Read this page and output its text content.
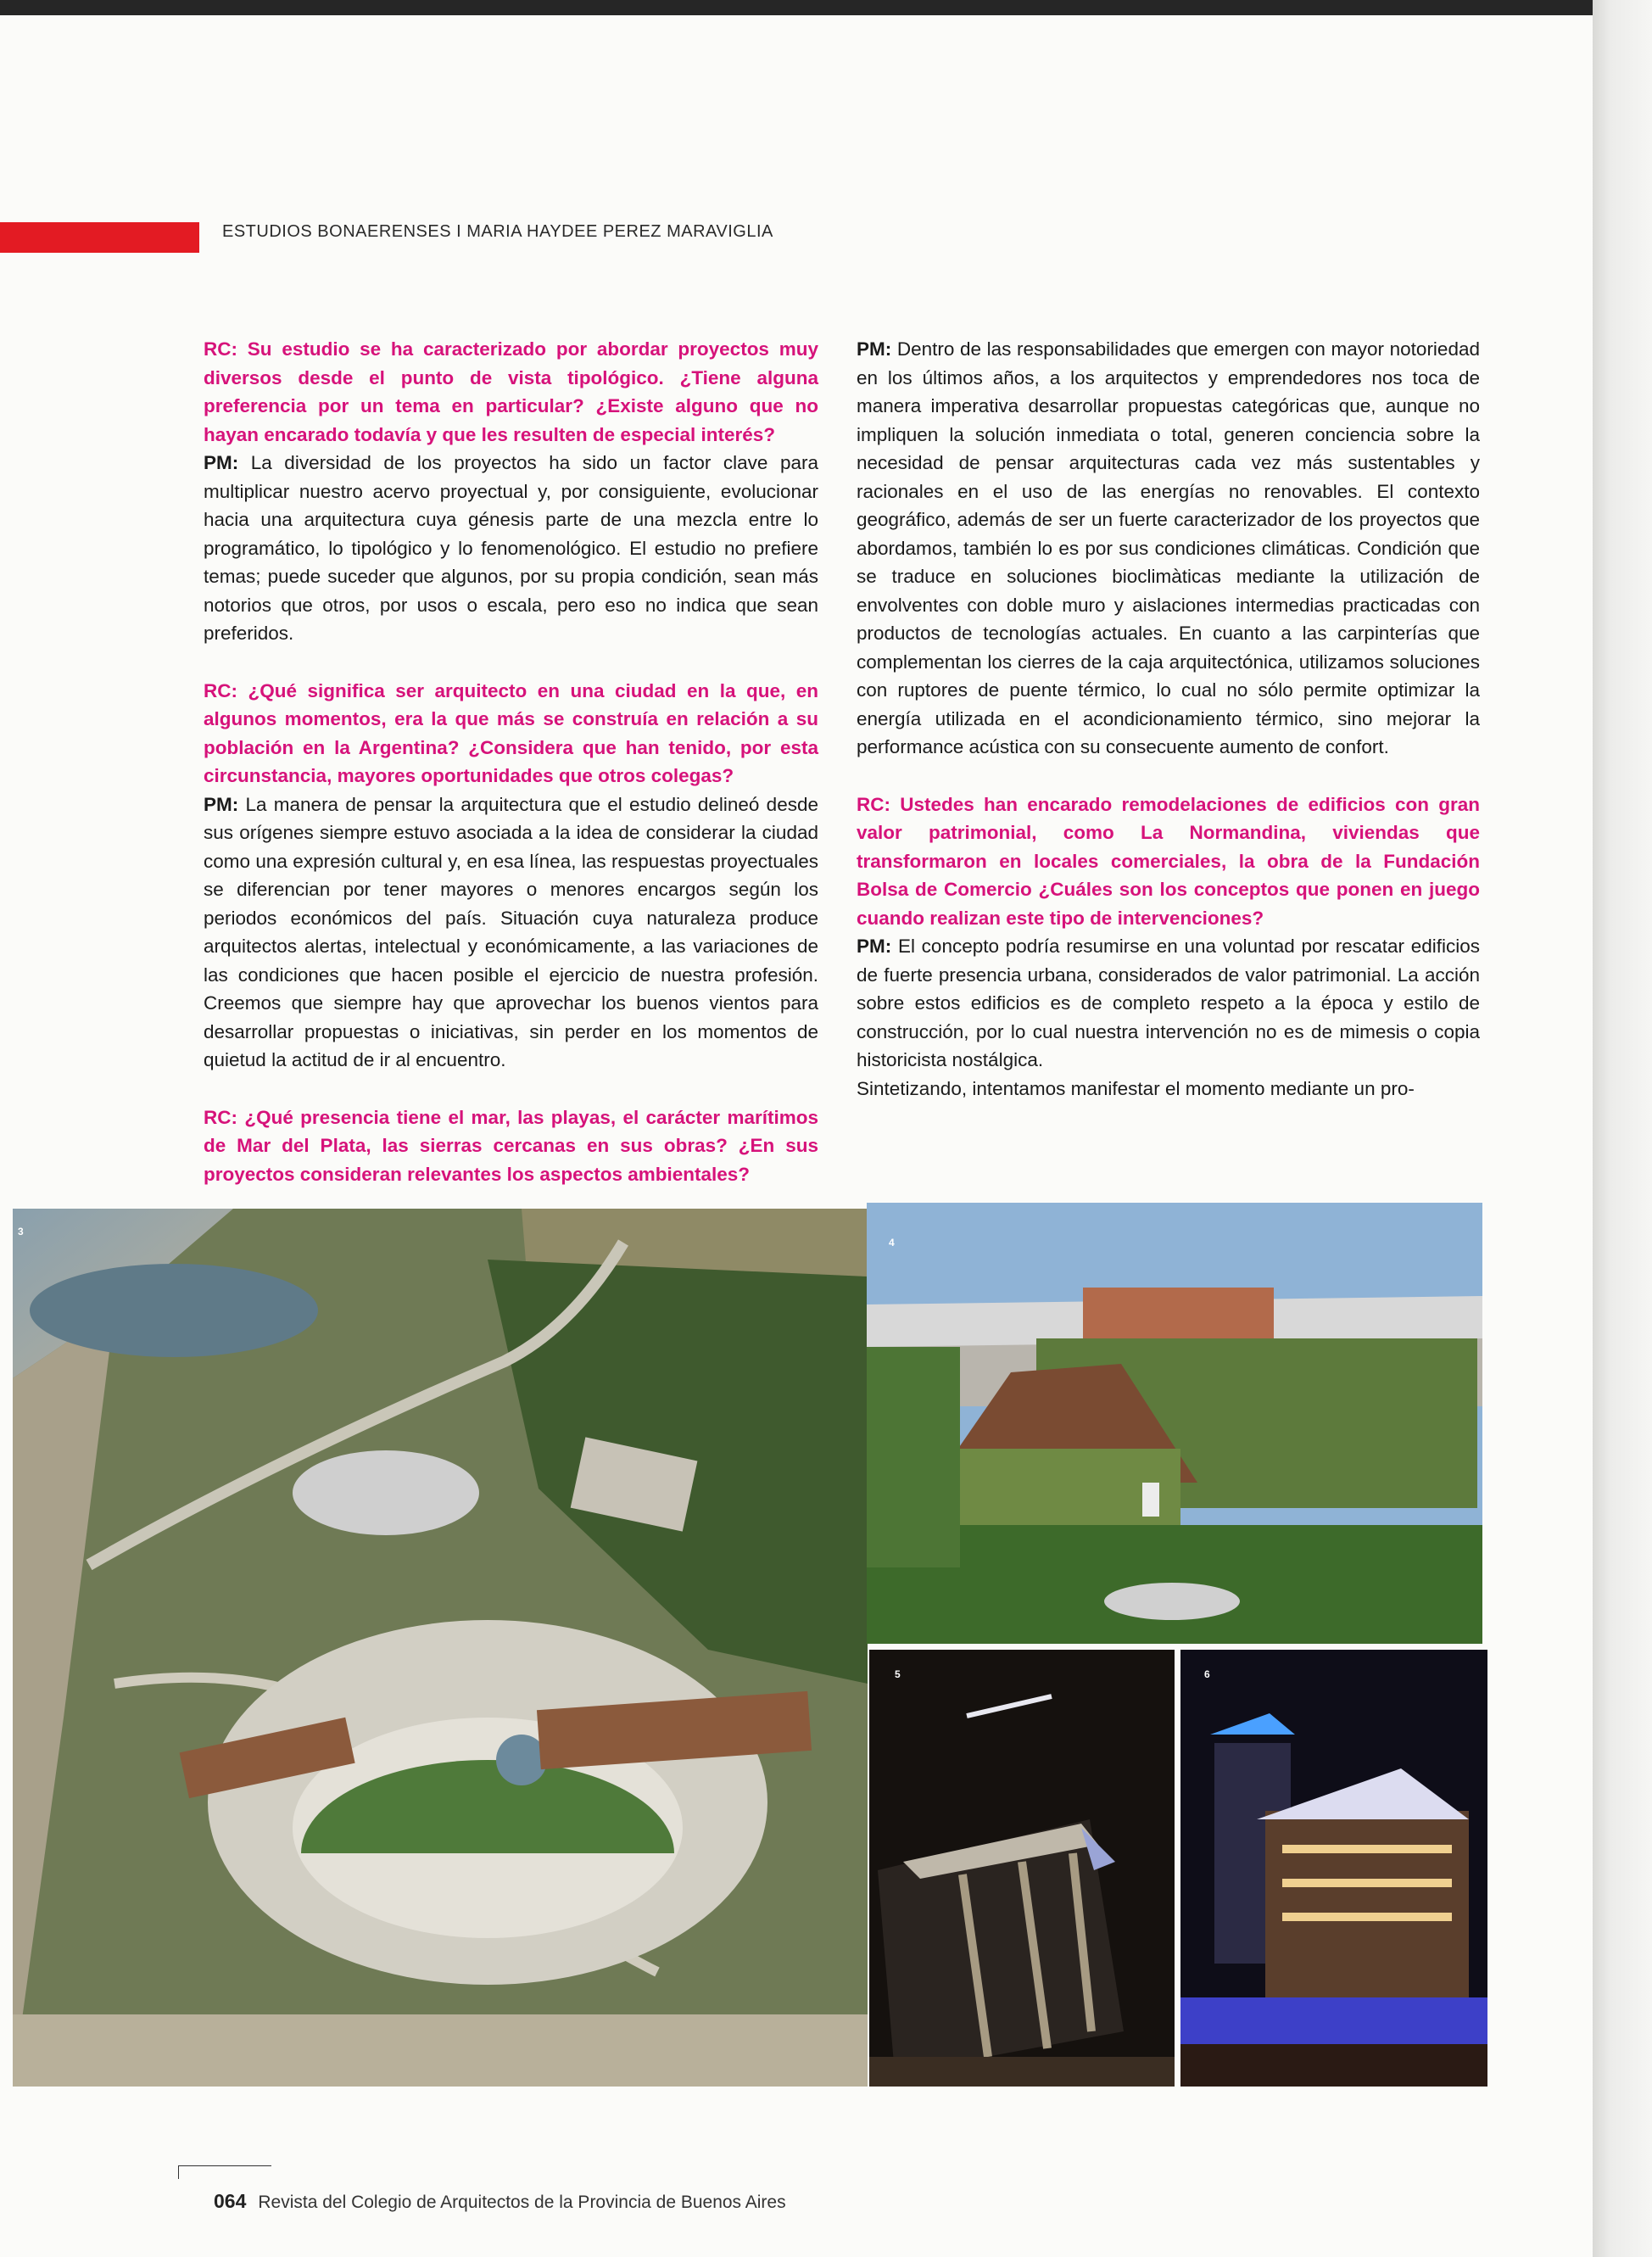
ESTUDIOS BONAERENSES I MARIA HAYDEE PEREZ MARAVIGLIA

RC: Su estudio se ha caracterizado por abordar proyectos muy diversos desde el punto de vista tipológico. ¿Tiene alguna preferencia por un tema en particular? ¿Existe alguno que no hayan encarado todavía y que les resulten de especial interés?

PM: La diversidad de los proyectos ha sido un factor clave para multiplicar nuestro acervo proyectual y, por consiguiente, evolucionar hacia una arquitectura cuya génesis parte de una mezcla entre lo programático, lo tipológico y lo fenomenológico. El estudio no prefiere temas; puede suceder que algunos, por su propia condición, sean más notorios que otros, por usos o escala, pero eso no indica que sean preferidos.

RC: ¿Qué significa ser arquitecto en una ciudad en la que, en algunos momentos, era la que más se construía en relación a su población en la Argentina? ¿Considera que han tenido, por esta circunstancia, mayores oportunidades que otros colegas?

PM: La manera de pensar la arquitectura que el estudio delineó desde sus orígenes siempre estuvo asociada a la idea de considerar la ciudad como una expresión cultural y, en esa línea, las respuestas proyectuales se diferencian por tener mayores o menores encargos según los periodos económicos del país. Situación cuya naturaleza produce arquitectos alertas, intelectual y económicamente, a las variaciones de las condiciones que hacen posible el ejercicio de nuestra profesión. Creemos que siempre hay que aprovechar los buenos vientos para desarrollar propuestas o iniciativas, sin perder en los momentos de quietud la actitud de ir al encuentro.

RC: ¿Qué presencia tiene el mar, las playas, el carácter marítimos de Mar del Plata, las sierras cercanas en sus obras? ¿En sus proyectos consideran relevantes los aspectos ambientales?

PM: Dentro de las responsabilidades que emergen con mayor notoriedad en los últimos años, a los arquitectos y emprendedores nos toca de manera imperativa desarrollar propuestas categóricas que, aunque no impliquen la solución inmediata o total, generen conciencia sobre la necesidad de pensar arquitecturas cada vez más sustentables y racionales en el uso de las energías no renovables. El contexto geográfico, además de ser un fuerte caracterizador de los proyectos que abordamos, también lo es por sus condiciones climáticas. Condición que se traduce en soluciones bioclimàticas mediante la utilización de envolventes con doble muro y aislaciones intermedias practicadas con productos de tecnologías actuales. En cuanto a las carpinterías que complementan los cierres de la caja arquitectónica, utilizamos soluciones con ruptores de puente térmico, lo cual no sólo permite optimizar la energía utilizada en el acondicionamiento térmico, sino mejorar la performance acústica con su consecuente aumento de confort.

RC: Ustedes han encarado remodelaciones de edificios con gran valor patrimonial, como La Normandina, viviendas que transformaron en locales comerciales, la obra de la Fundación Bolsa de Comercio ¿Cuáles son los conceptos que ponen en juego cuando realizan este tipo de intervenciones?

PM: El concepto podría resumirse en una voluntad por rescatar edificios de fuerte presencia urbana, considerados de valor patrimonial. La acción sobre estos edificios es de completo respeto a la época y estilo de construcción, por lo cual nuestra intervención no es de mimesis o copia historicista nostálgica.

Sintetizando, intentamos manifestar el momento mediante un pro-

3
4
5	6
064 Revista del Colegio de Arquitectos de la Provincia de Buenos Aires
